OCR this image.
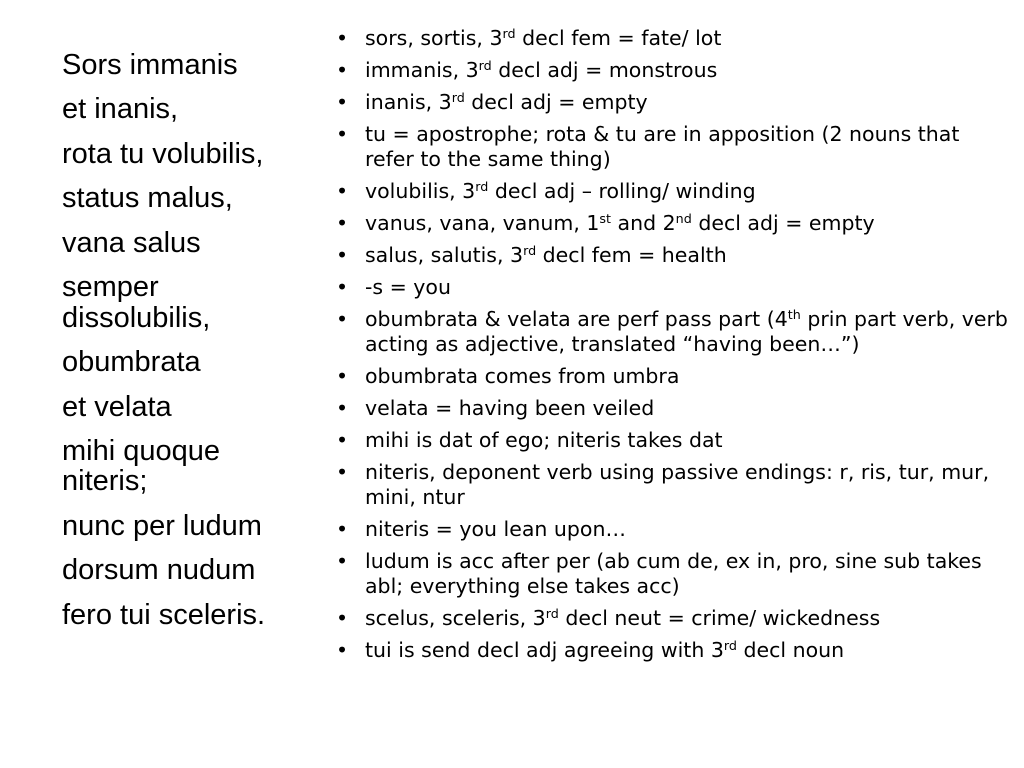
Sors immanis
et inanis,
rota tu volubilis,
status malus,
vana salus
semper dissolubilis,
obumbrata
et velata
mihi quoque niteris;
nunc per ludum
dorsum nudum
fero tui sceleris.
• sors, sortis, 3rd decl fem = fate/ lot
• immanis, 3rd decl adj = monstrous
• inanis, 3rd decl adj = empty
• tu = apostrophe; rota & tu are in apposition (2 nouns that refer to the same thing)
• volubilis, 3rd decl adj – rolling/ winding
• vanus, vana, vanum, 1st and 2nd decl adj = empty
• salus, salutis, 3rd decl fem = health
• -s = you
• obumbrata & velata are perf pass part (4th prin part verb, verb acting as adjective, translated “having been…”)
• obumbrata comes from umbra
• velata = having been veiled
• mihi is dat of ego; niteris takes dat
• niteris, deponent verb using passive endings: r, ris, tur, mur, mini, ntur
• niteris = you lean upon…
• ludum is acc after per (ab cum de, ex in, pro, sine sub takes abl; everything else takes acc)
• scelus, sceleris, 3rd decl neut = crime/ wickedness
• tui is send decl adj agreeing with 3rd decl noun
